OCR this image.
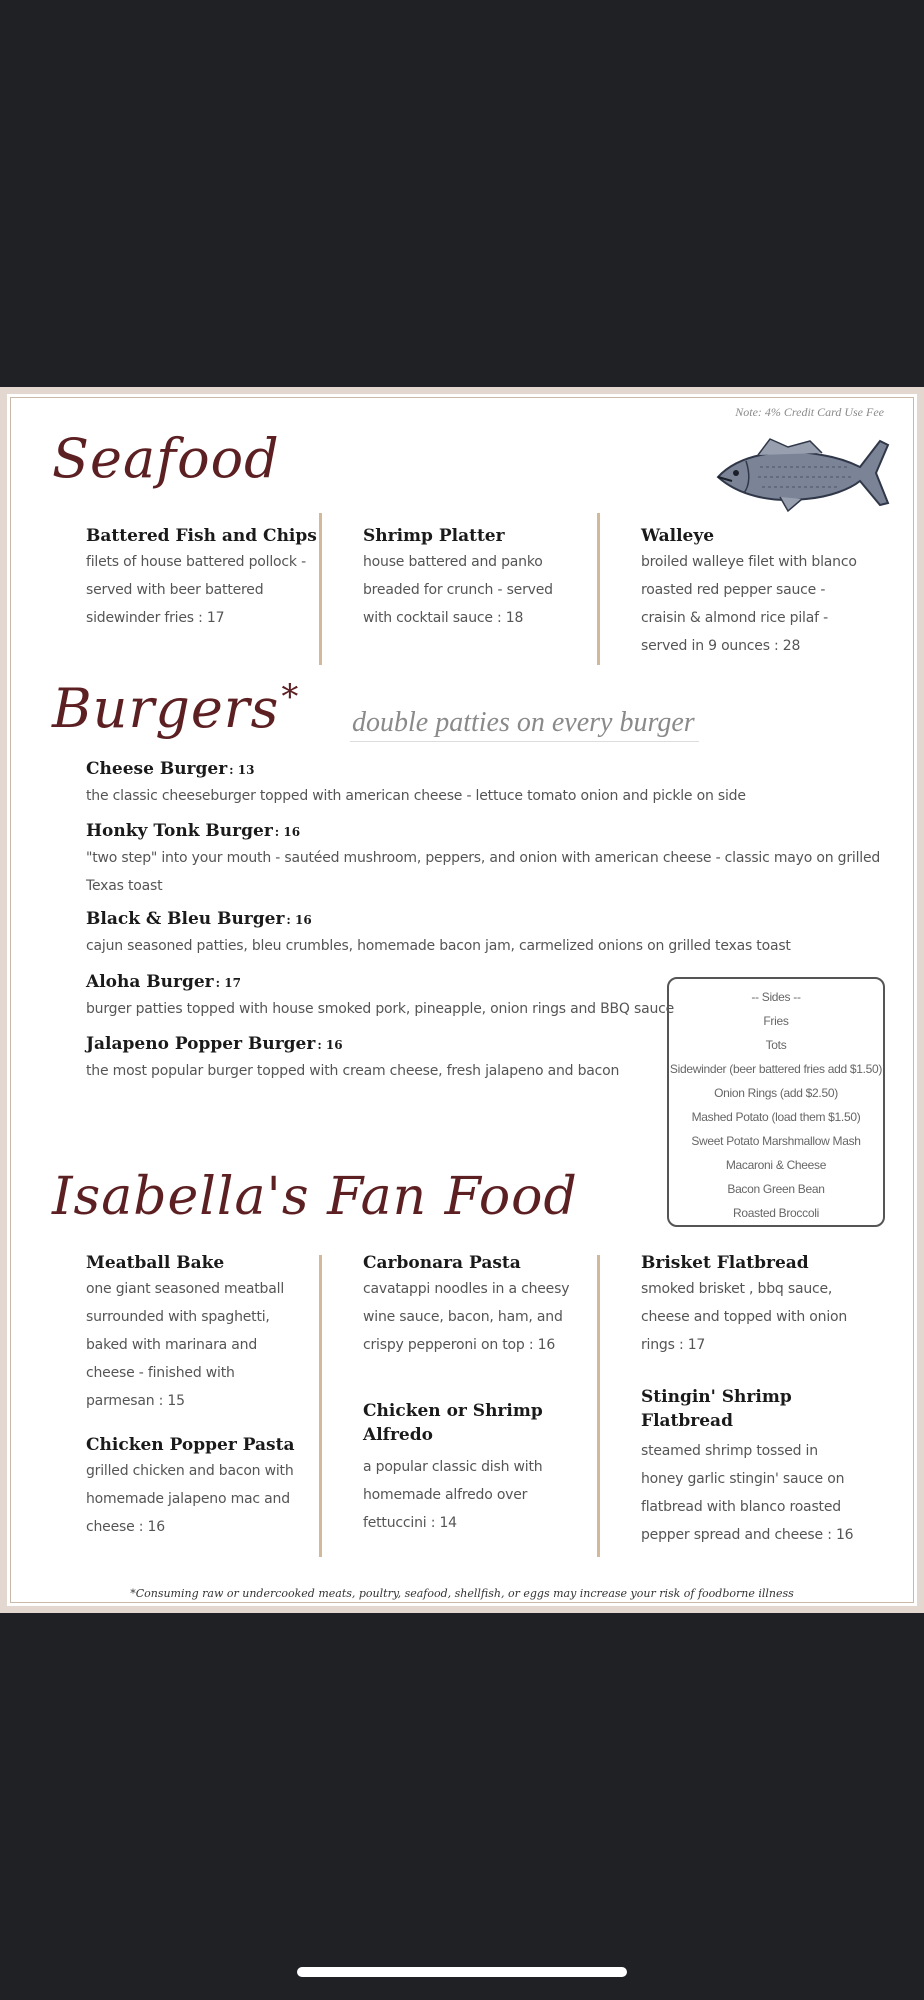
Note: 4% Credit Card Use Fee
Seafood
Battered Fish and Chips
filets of house battered pollock -
served with beer battered
sidewinder fries : 17
Shrimp Platter
house battered and panko
breaded for crunch - served
with cocktail sauce : 18
Walleye
broiled walleye filet with blanco
roasted red pepper sauce -
craisin & almond rice pilaf -
served in 9 ounces : 28
Burgers*
double patties on every burger
Cheese Burger : 13
the classic cheeseburger topped with american cheese - lettuce tomato onion and pickle on side
Honky Tonk Burger : 16
"two step" into your mouth - sautéed mushroom, peppers, and onion with american cheese - classic mayo on grilled
Texas toast
Black & Bleu Burger : 16
cajun seasoned patties, bleu crumbles, homemade bacon jam, carmelized onions on grilled texas toast
Aloha Burger : 17
burger patties topped with house smoked pork, pineapple, onion rings and BBQ sauce
Jalapeno Popper Burger : 16
the most popular burger topped with cream cheese, fresh jalapeno and bacon
-- Sides --
Fries
Tots
Sidewinder (beer battered fries add $1.50)
Onion Rings (add $2.50)
Mashed Potato (load them $1.50)
Sweet Potato Marshmallow Mash
Macaroni & Cheese
Bacon Green Bean
Roasted Broccoli
Isabella's Fan Food
Meatball Bake
one giant seasoned meatball
surrounded with spaghetti,
baked with marinara and
cheese - finished with
parmesan : 15
Chicken Popper Pasta
grilled chicken and bacon with
homemade jalapeno mac and
cheese : 16
Carbonara Pasta
cavatappi noodles in a cheesy
wine sauce, bacon, ham, and
crispy pepperoni on top : 16
Chicken or Shrimp
Alfredo
a popular classic dish with
homemade alfredo over
fettuccini : 14
Brisket Flatbread
smoked brisket , bbq sauce,
cheese and topped with onion
rings : 17
Stingin' Shrimp
Flatbread
steamed shrimp tossed in
honey garlic stingin' sauce on
flatbread with blanco roasted
pepper spread and cheese : 16
*Consuming raw or undercooked meats, poultry, seafood, shellfish, or eggs may increase your risk of foodborne illness
